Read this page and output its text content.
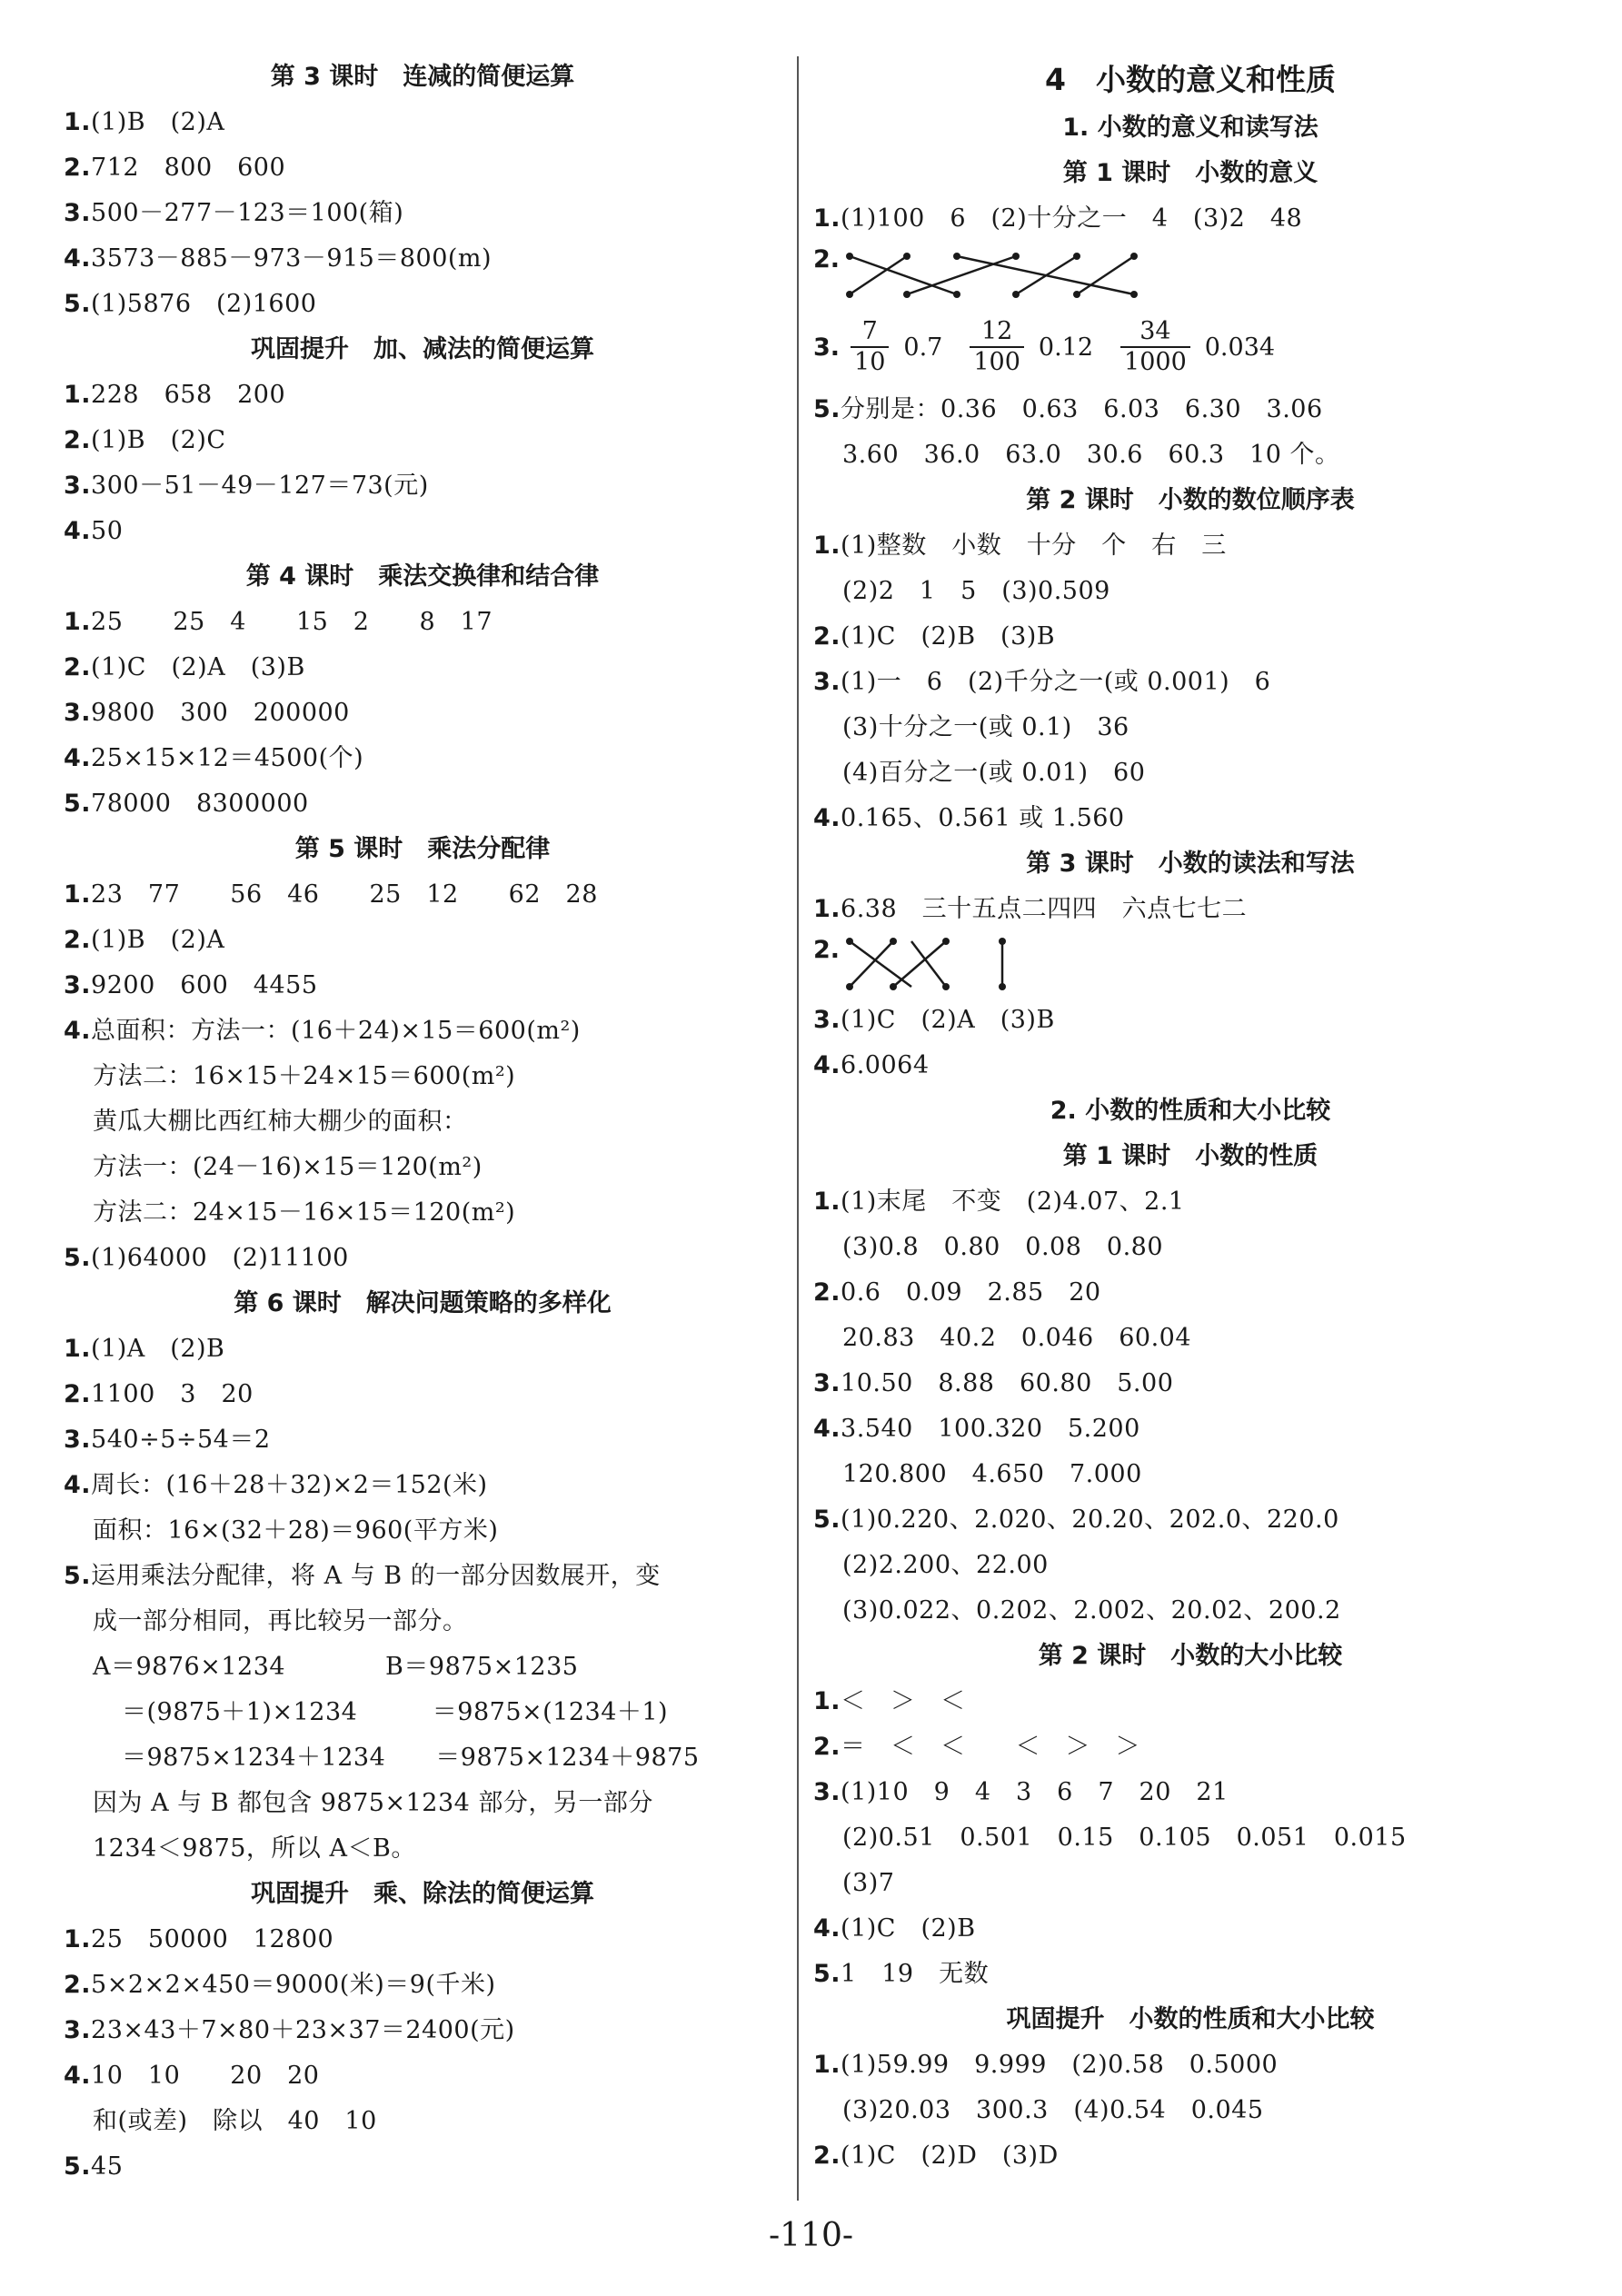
第 3 课时　连减的简便运算
1.(1)B　(2)A
2.712　800　600
3.500－277－123＝100(箱)
4.3573－885－973－915＝800(m)
5.(1)5876　(2)1600
巩固提升　加、减法的简便运算
1.228　658　200
2.(1)B　(2)C
3.300－51－49－127＝73(元)
4.50
第 4 课时　乘法交换律和结合律
1.25　　25　4　　15　2　　8　17
2.(1)C　(2)A　(3)B
3.9800　300　200000
4.25×15×12＝4500(个)
5.78000　8300000
第 5 课时　乘法分配律
1.23　77　　56　46　　25　12　　62　28
2.(1)B　(2)A
3.9200　600　4455
4.总面积：方法一：(16＋24)×15＝600(m²)
方法二：16×15＋24×15＝600(m²)
黄瓜大棚比西红柿大棚少的面积：
方法一：(24－16)×15＝120(m²)
方法二：24×15－16×15＝120(m²)
5.(1)64000　(2)11100
第 6 课时　解决问题策略的多样化
1.(1)A　(2)B
2.1100　3　20
3.540÷5÷54＝2
4.周长：(16＋28＋32)×2＝152(米)
面积：16×(32＋28)＝960(平方米)
5.运用乘法分配律，将 A 与 B 的一部分因数展开，变
成一部分相同，再比较另一部分。
A＝9876×1234　　　　B＝9875×1235
＝(9875＋1)×1234　　　＝9875×(1234＋1)
＝9875×1234＋1234　　＝9875×1234＋9875
因为 A 与 B 都包含 9875×1234 部分，另一部分
1234＜9875，所以 A＜B。
巩固提升　乘、除法的简便运算
1.25　50000　12800
2.5×2×2×450＝9000(米)＝9(千米)
3.23×43＋7×80＋23×37＝2400(元)
4.10　10　　20　20
和(或差)　除以　40　10
5.45
4　小数的意义和性质
1. 小数的意义和读写法
第 1 课时　小数的意义
1.(1)100　6　(2)十分之一　4　(3)2　48
2.
3. $\frac{7}{10} 0.7 \frac{12}{100} 0.12 \frac{34}{1000} 0.034$
5.分别是：0.36　0.63　6.03　6.30　3.06
3.60　36.0　63.0　30.6　60.3　10 个。
第 2 课时　小数的数位顺序表
1.(1)整数　小数　十分　个　右　三
(2)2　1　5　(3)0.509
2.(1)C　(2)B　(3)B
3.(1)一　6　(2)千分之一(或 0.001)　6
(3)十分之一(或 0.1)　36
(4)百分之一(或 0.01)　60
4.0.165、0.561 或 1.560
第 3 课时　小数的读法和写法
1.6.38　三十五点二四四　六点七七二
2.
3.(1)C　(2)A　(3)B
4.6.0064
2. 小数的性质和大小比较
第 1 课时　小数的性质
1.(1)末尾　不变　(2)4.07、2.1
(3)0.8　0.80　0.08　0.80
2.0.6　0.09　2.85　20
20.83　40.2　0.046　60.04
3.10.50　8.88　60.80　5.00
4.3.540　100.320　5.200
120.800　4.650　7.000
5.(1)0.220、2.020、20.20、202.0、220.0
(2)2.200、22.00
(3)0.022、0.202、2.002、20.02、200.2
第 2 课时　小数的大小比较
1.＜　＞　＜
2.＝　＜　＜　　＜　＞　＞
3.(1)10　9　4　3　6　7　20　21
(2)0.51　0.501　0.15　0.105　0.051　0.015
(3)7
4.(1)C　(2)B
5.1　19　无数
巩固提升　小数的性质和大小比较
1.(1)59.99　9.999　(2)0.58　0.5000
(3)20.03　300.3　(4)0.54　0.045
2.(1)C　(2)D　(3)D
-110-
